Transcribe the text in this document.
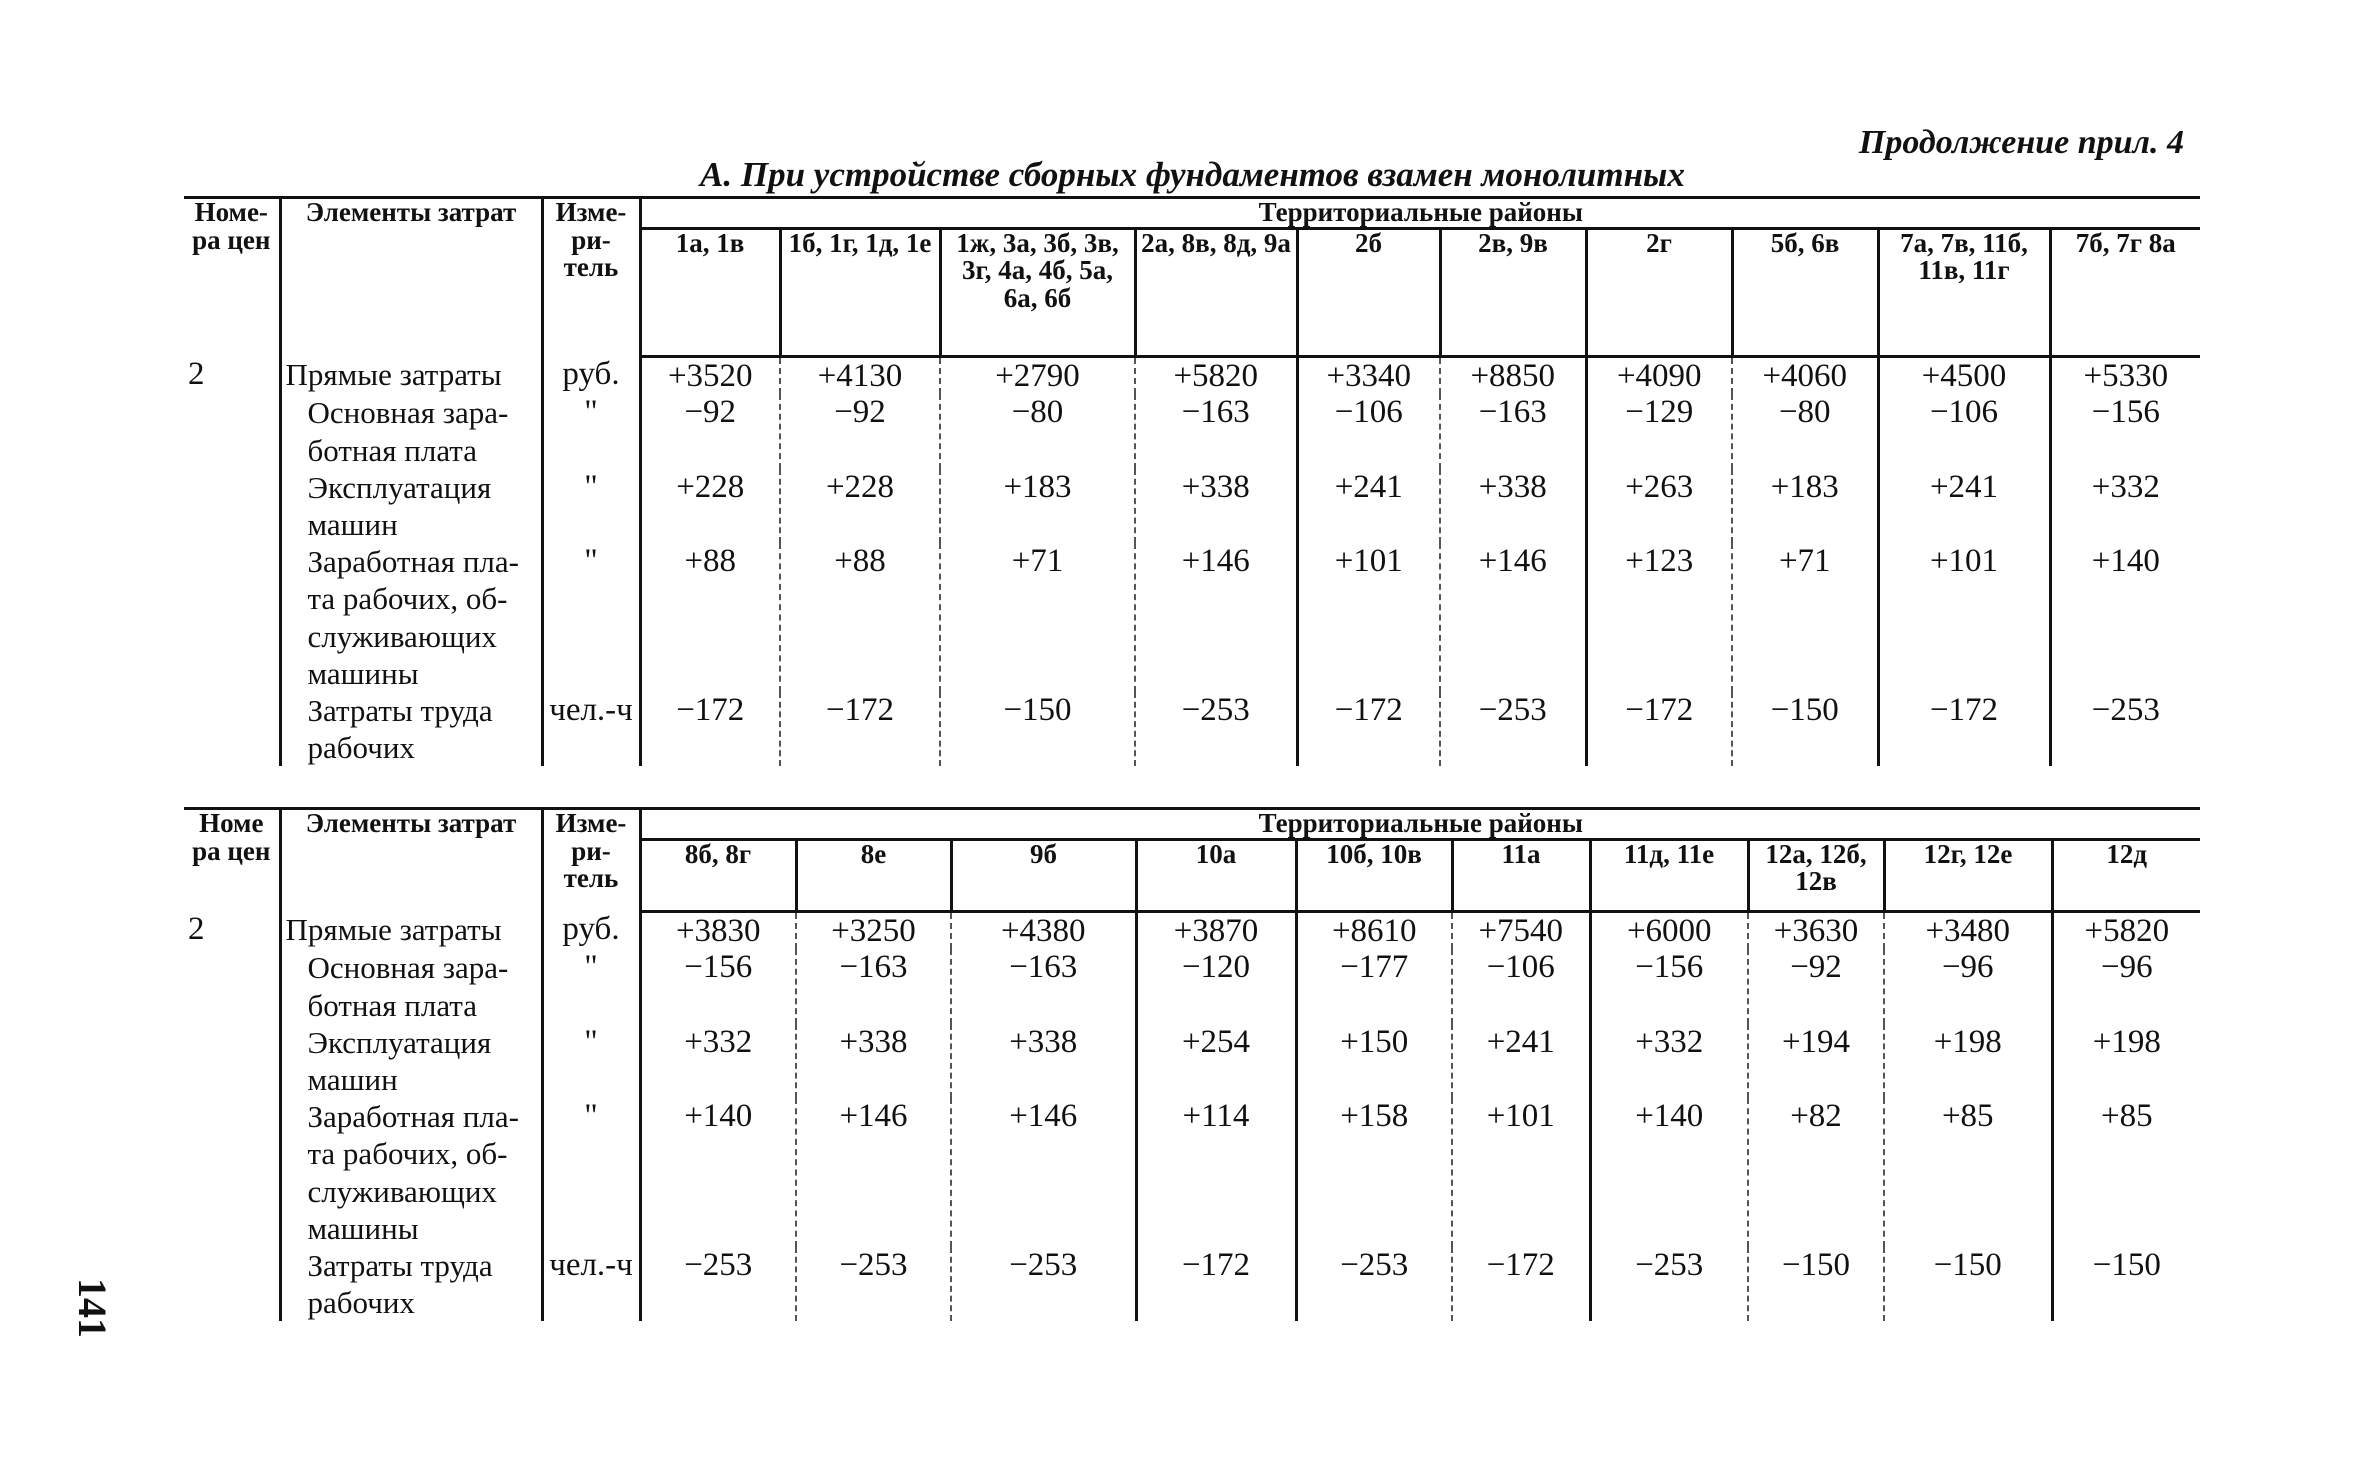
Продолжение прил. 4
А. При устройстве сборных фундаментов взамен монолитных
141
Номе-ра цен	Элементы затрат	Изме-ри-тель	Территориальные районы									
			1а, 1в	1б, 1г, 1д, 1е	1ж, 3а, 3б, 3в, 3г, 4а, 4б, 5а, 6а, 6б	2а, 8в, 8д, 9а	2б	2в, 9в	2г	5б, 6в	7а, 7в, 11б, 11в, 11г	7б, 7г 8а
2	Прямые затраты	руб.	+3520	+4130	+2790	+5820	+3340	+8850	+4090	+4060	+4500	+5330
	Основная зара-ботная плата	"	−92	−92	−80	−163	−106	−163	−129	−80	−106	−156
	Эксплуатация машин	"	+228	+228	+183	+338	+241	+338	+263	+183	+241	+332
	Заработная пла-та рабочих, об-служивающих машины	"	+88	+88	+71	+146	+101	+146	+123	+71	+101	+140
	Затраты труда рабочих	чел.-ч	−172	−172	−150	−253	−172	−253	−172	−150	−172	−253
Номе ра цен	Элементы затрат	Изме-ри-тель	Территориальные районы									
			8б, 8г	8е	9б	10а	10б, 10в	11а	11д, 11е	12а, 12б, 12в	12г, 12е	12д
2	Прямые затраты	руб.	+3830	+3250	+4380	+3870	+8610	+7540	+6000	+3630	+3480	+5820
	Основная зара-ботная плата	"	−156	−163	−163	−120	−177	−106	−156	−92	−96	−96
	Эксплуатация машин	"	+332	+338	+338	+254	+150	+241	+332	+194	+198	+198
	Заработная пла-та рабочих, об-служивающих машины	"	+140	+146	+146	+114	+158	+101	+140	+82	+85	+85
	Затраты труда рабочих	чел.-ч	−253	−253	−253	−172	−253	−172	−253	−150	−150	−150
